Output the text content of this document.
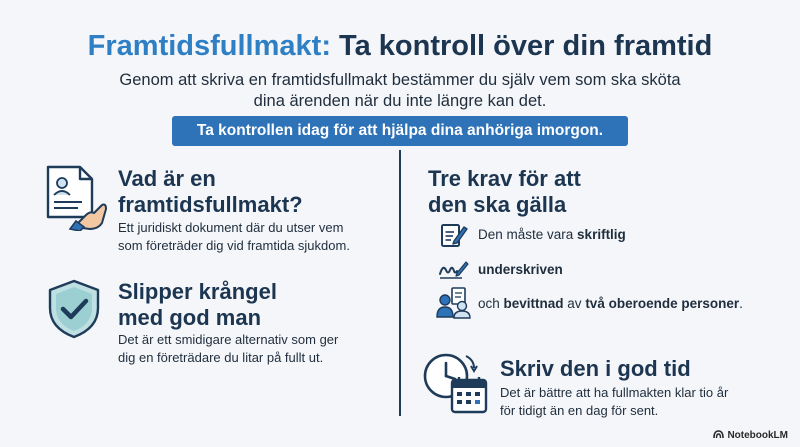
Framtidsfullmakt: Ta kontroll över din framtid
Genom att skriva en framtidsfullmakt bestämmer du själv vem som ska sköta
dina ärenden när du inte längre kan det.
Ta kontrollen idag för att hjälpa dina anhöriga imorgon.
Vad är en
framtidsfullmakt?
Ett juridiskt dokument där du utser vem
som företräder dig vid framtida sjukdom.
Slipper krångel
med god man
Det är ett smidigare alternativ som ger
dig en företrädare du litar på fullt ut.
Tre krav för att
den ska gälla
Den måste vara skriftlig
underskriven
och bevittnad av två oberoende personer.
Skriv den i god tid
Det är bättre att ha fullmakten klar tio år
för tidigt än en dag för sent.
NotebookLM
